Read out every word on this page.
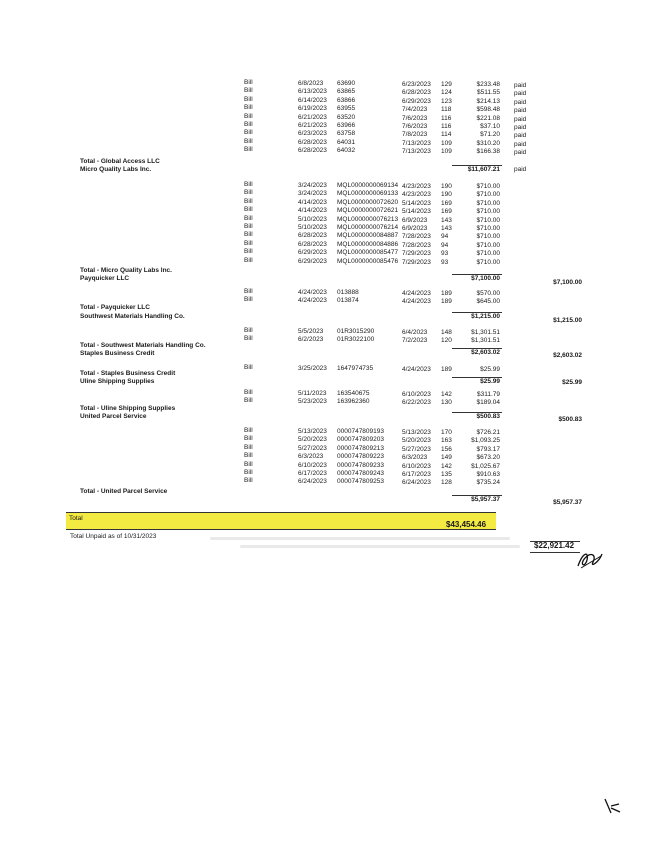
Bill	6/8/2023 63690	6/23/2023 129	$233.48 paid
Bill	6/13/2023 63865	6/28/2023 124	$511.55 paid
Bill	6/14/2023 63866	6/29/2023 123	$214.13 paid
Bill	6/19/2023 63955	7/4/2023 118	$598.48 paid
Bill	6/21/2023 63520	7/6/2023 116	$221.08 paid
Bill	6/21/2023 63966	7/6/2023 116	$37.10 paid
Bill	6/23/2023 63758	7/8/2023 114	$71.20 paid
Bill	6/28/2023 64031	7/13/2023 109	$310.20 paid
Bill	6/28/2023 64032	7/13/2023 109	$166.38 paid
Total - Global Access LLC
$11,607.21 paid
Micro Quality Labs Inc.
Bill	3/24/2023 MQL0000000069134 4/23/2023 190	$710.00
Bill	3/24/2023 MQL0000000069133 4/23/2023 190	$710.00
Bill	4/14/2023 MQL0000000072620 5/14/2023 169	$710.00
Bill	4/14/2023 MQL0000000072621 5/14/2023 169	$710.00
Bill	5/10/2023 MQL0000000076213 6/9/2023 143	$710.00
Bill	5/10/2023 MQL0000000076214 6/9/2023 143	$710.00
Bill	6/28/2023 MQL0000000084887 7/28/2023 94	$710.00
Bill	6/28/2023 MQL0000000084886 7/28/2023 94	$710.00
Bill	6/29/2023 MQL0000000085477 7/29/2023 93	$710.00
Bill	6/29/2023 MQL0000000085476 7/29/2023 93	$710.00
Total - Micro Quality Labs Inc.
$7,100.00
$7,100.00
Payquicker LLC
Bill	4/24/2023 013888	4/24/2023 189	$570.00
Bill	4/24/2023 013874	4/24/2023 189	$645.00
Total - Payquicker LLC
$1,215.00
$1,215.00
Southwest Materials Handling Co.
Bill	5/5/2023 01R3015290	6/4/2023 148	$1,301.51
Bill	6/2/2023 01R3022100	7/2/2023 120	$1,301.51
Total - Southwest Materials Handling Co.
$2,603.02	$2,603.02
Staples Business Credit
Bill	3/25/2023 1647974735	4/24/2023 189	$25.99
Total - Staples Business Credit
$25.99	$25.99
Uline Shipping Supplies
Bill	5/11/2023 163540675	6/10/2023 142	$311.79
Bill	5/23/2023 163962360	6/22/2023 130	$189.04
Total - Uline Shipping Supplies
$500.83	$500.83
United Parcel Service
Bill	5/13/2023 0000747809193	5/13/2023 170	$726.21
Bill	5/20/2023 0000747809203	5/20/2023 163	$1,093.25
Bill	5/27/2023 0000747809213	5/27/2023 156	$793.17
Bill	6/3/2023 0000747809223	6/3/2023 149	$673.20
Bill	6/10/2023 0000747809233	6/10/2023 142	$1,025.67
Bill	6/17/2023 0000747809243	6/17/2023 135	$910.63
Bill	6/24/2023 0000747809253	6/24/2023 128	$735.24
Total - United Parcel Service
$5,957.37	$5,957.37
Total
$43,454.46
Total Unpaid as of 10/31/2023
$22,921.42
